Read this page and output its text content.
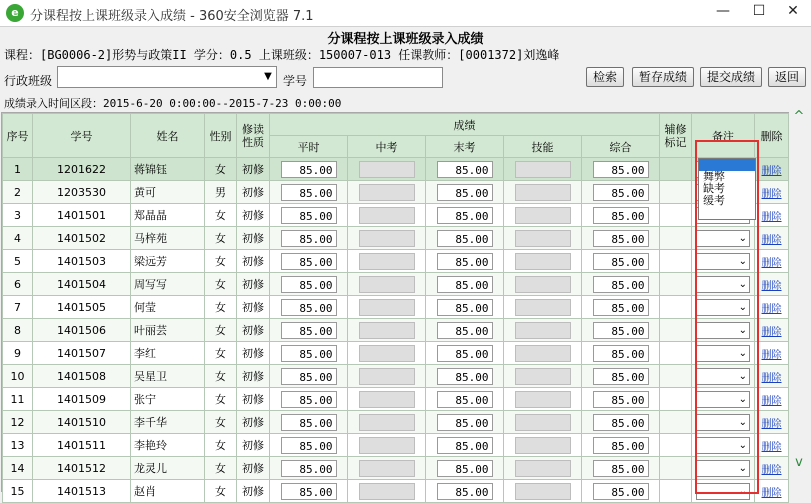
e 分课程按上课班级录入成绩 - 360安全浏览器 7.1	—	☐	✕
分课程按上课班级录入成绩
课程：[BG0006-2]形势与政策II 学分：0.5 上课班级：150007-013 任课教师：[0001372]刘逸峰
行政班级	▼ 学号	检索	暂存成绩	提交成绩	返回
成绩录入时间区段：2015-6-20 0:00:00--2015-7-23 0:00:00
序号	学号	姓名	性别	修读性质	成绩					辅修标记	备注	删除
					平时	中考	末考	技能	综合			
1	1201622	蒋锦钰	女	初修	85.00		85.00		85.00			删除
2	1203530	黄可	男	初修	85.00		85.00		85.00			删除
3	1401501	郑晶晶	女	初修	85.00		85.00		85.00			删除
4	1401502	马梓苑	女	初修	85.00		85.00		85.00		⌄	删除
5	1401503	梁远芳	女	初修	85.00		85.00		85.00		⌄	删除
6	1401504	周写写	女	初修	85.00		85.00		85.00		⌄	删除
7	1401505	何莹	女	初修	85.00		85.00		85.00		⌄	删除
8	1401506	叶丽芸	女	初修	85.00		85.00		85.00		⌄	删除
9	1401507	李红	女	初修	85.00		85.00		85.00		⌄	删除
10	1401508	吴星卫	女	初修	85.00		85.00		85.00		⌄	删除
11	1401509	张宁	女	初修	85.00		85.00		85.00		⌄	删除
12	1401510	李千华	女	初修	85.00		85.00		85.00		⌄	删除
13	1401511	李艳玲	女	初修	85.00		85.00		85.00		⌄	删除
14	1401512	龙灵儿	女	初修	85.00		85.00		85.00		⌄	删除
15	1401513	赵肖	女	初修	85.00		85.00		85.00		⌄	删除
舞弊
缺考
缓考
^
v
